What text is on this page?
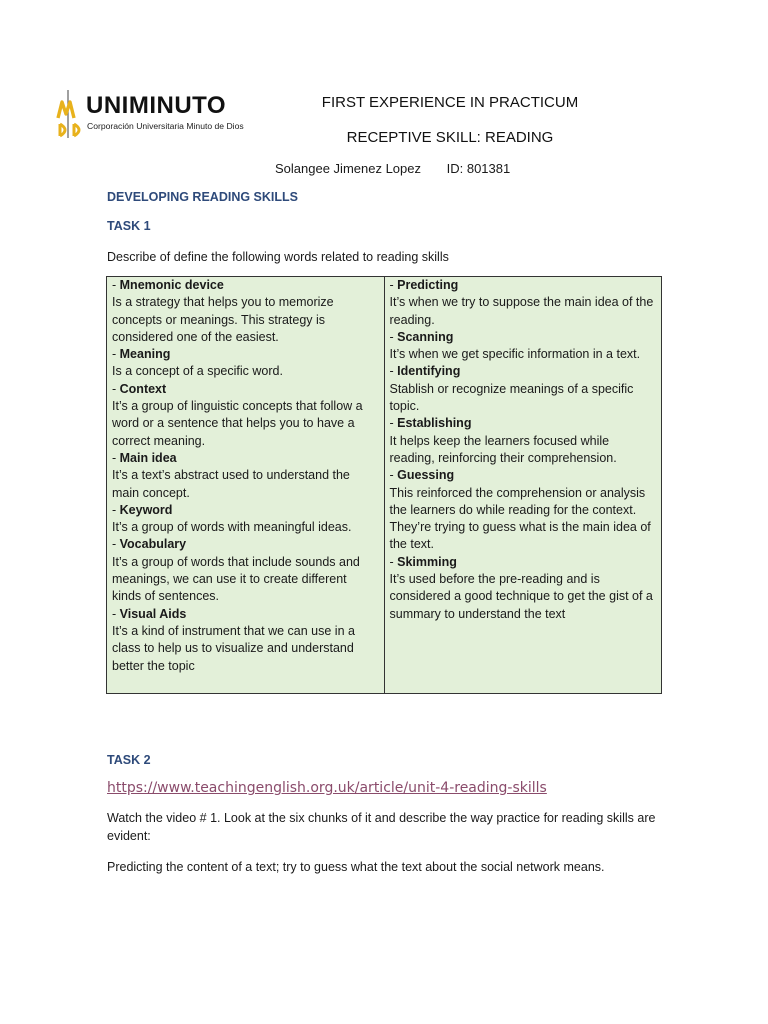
UNIMINUTO
Corporación Universitaria Minuto de Dios
FIRST EXPERIENCE IN PRACTICUM
RECEPTIVE SKILL: READING
Solangee Jimenez Lopez ID: 801381
DEVELOPING READING SKILLS
TASK 1
Describe of define the following words related to reading skills
- Mnemonic device
Is a strategy that helps you to memorize concepts or meanings. This strategy is considered one of the easiest.
- Meaning
Is a concept of a specific word.
- Context
It’s a group of linguistic concepts that follow a word or a sentence that helps you to have a correct meaning.
- Main idea
It’s a text’s abstract used to understand the main concept.
- Keyword
It’s a group of words with meaningful ideas.
- Vocabulary
It’s a group of words that include sounds and meanings, we can use it to create different kinds of sentences.
- Visual Aids
It’s a kind of instrument that we can use in a class to help us to visualize and understand better the topic

- Predicting
It’s when we try to suppose the main idea of the reading.
- Scanning
It’s when we get specific information in a text.
- Identifying
Stablish or recognize meanings of a specific topic.
- Establishing
It helps keep the learners focused while reading, reinforcing their comprehension.
- Guessing
This reinforced the comprehension or analysis the learners do while reading for the context. They’re trying to guess what is the main idea of the text.
- Skimming
It’s used before the pre-reading and is considered a good technique to get the gist of a summary to understand the text
TASK 2
https://www.teachingenglish.org.uk/article/unit-4-reading-skills
Watch the video # 1. Look at the six chunks of it and describe the way practice for reading skills are evident:
Predicting the content of a text; try to guess what the text about the social network means.
